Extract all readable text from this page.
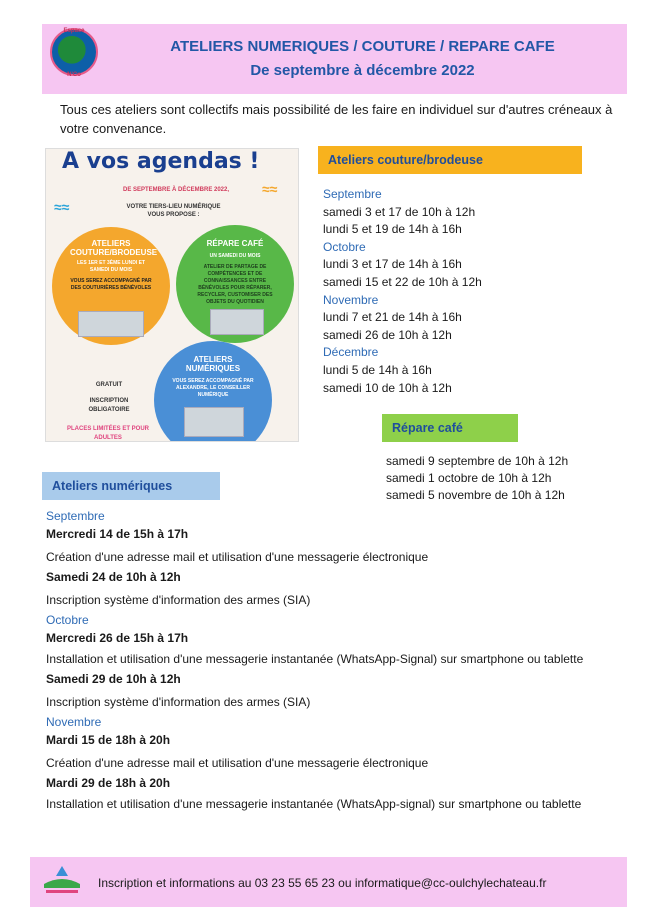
Espace
N'Co
ATELIERS NUMERIQUES / COUTURE / REPARE CAFE
De septembre à décembre 2022
Tous ces ateliers sont collectifs mais possibilité de les faire en individuel sur d'autres créneaux à votre convenance.
A vos agendas !
≈≈
≈≈
DE SEPTEMBRE À DÉCEMBRE 2022,
VOTRE TIERS-LIEU NUMÉRIQUE
VOUS PROPOSE :
ATELIERS COUTURE/BRODEUSE
LES 1ER ET 3ÈME LUNDI ET SAMEDI DU MOIS
VOUS SEREZ ACCOMPAGNÉ PAR DES COUTURIÈRES BÉNÉVOLES
RÉPARE CAFÉ
UN SAMEDI DU MOIS
ATELIER DE PARTAGE DE COMPÉTENCES ET DE CONNAISSANCES ENTRE BÉNÉVOLES POUR RÉPARER, RECYCLER, CUSTOMISER DES OBJETS DU QUOTIDIEN
ATELIERS NUMÉRIQUES
VOUS SEREZ ACCOMPAGNÉ PAR ALEXANDRE, LE CONSEILLER NUMÉRIQUE
GRATUIT
INSCRIPTION OBLIGATOIRE
PLACES LIMITÉES ET POUR ADULTES
Ateliers couture/brodeuse
Septembre
samedi 3 et 17 de 10h à 12h
lundi 5 et 19 de 14h à 16h
Octobre
lundi 3 et 17 de 14h à 16h
samedi 15 et 22 de 10h à 12h
Novembre
lundi 7 et 21 de 14h à 16h
samedi 26 de 10h à 12h
Décembre
lundi 5 de 14h à 16h
samedi 10 de 10h à 12h
Répare café
samedi 9 septembre de 10h à 12h
samedi 1 octobre de 10h à 12h
samedi 5 novembre de 10h à 12h
Ateliers numériques
Septembre
Mercredi 14 de 15h à 17h
Création d'une adresse mail et utilisation d'une messagerie électronique
Samedi 24 de 10h à 12h
Inscription système d'information des armes (SIA)
Octobre
Mercredi 26 de 15h à 17h
Installation et utilisation d'une messagerie instantanée (WhatsApp-Signal) sur smartphone ou tablette
Samedi 29 de 10h à 12h
Inscription système d'information des armes (SIA)
Novembre
Mardi 15 de 18h à 20h
Création d'une adresse mail et utilisation d'une messagerie électronique
Mardi 29 de 18h à 20h
Installation et utilisation d'une messagerie instantanée (WhatsApp-signal) sur smartphone ou tablette
Inscription et informations au 03 23 55 65 23 ou informatique@cc-oulchylechateau.fr
